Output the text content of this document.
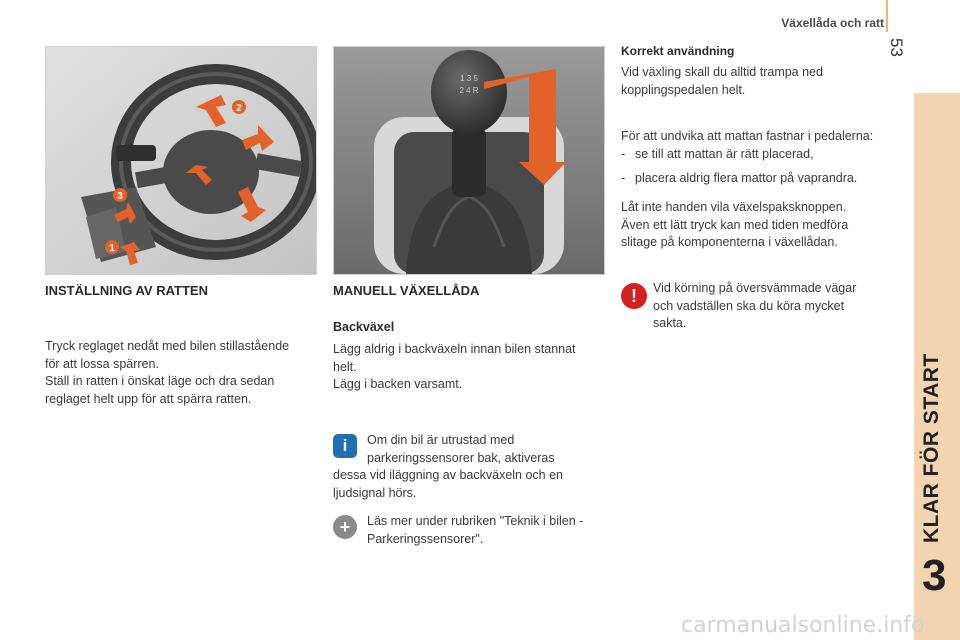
Växellåda och ratt
53
KLAR FÖR START
3
2
3
1
1 3 5
2 4 R
INSTÄLLNING AV RATTEN

Tryck reglaget nedåt med bilen stillastående

för att lossa spärren.

Ställ in ratten i önskat läge och dra sedan

reglaget helt upp för att spärra ratten.

MANUELL VÄXELLÅDA
Backväxel

Lägg aldrig i backväxeln innan bilen stannat

helt.

Lägg i backen varsamt.

i	Om din bil är utrustad med

parkeringssensorer bak, aktiveras

dessa vid iläggning av backväxeln och en

ljudsignal hörs.

+	Läs mer under rubriken "Teknik i bilen -

Parkeringssensorer".

Korrekt användning

Vid växling skall du alltid trampa ned

kopplingspedalen helt.

För att undvika att mattan fastnar i pedalerna:

- se till att mattan är rätt placerad,
- placera aldrig flera mattor på vaprandra.

Låt inte handen vila växelspaksknoppen.

Även ett lätt tryck kan med tiden medföra

slitage på komponenterna i växellådan.

!	Vid körning på översvämmade vägar

och vadställen ska du köra mycket

sakta.

carmanualsonline.info
